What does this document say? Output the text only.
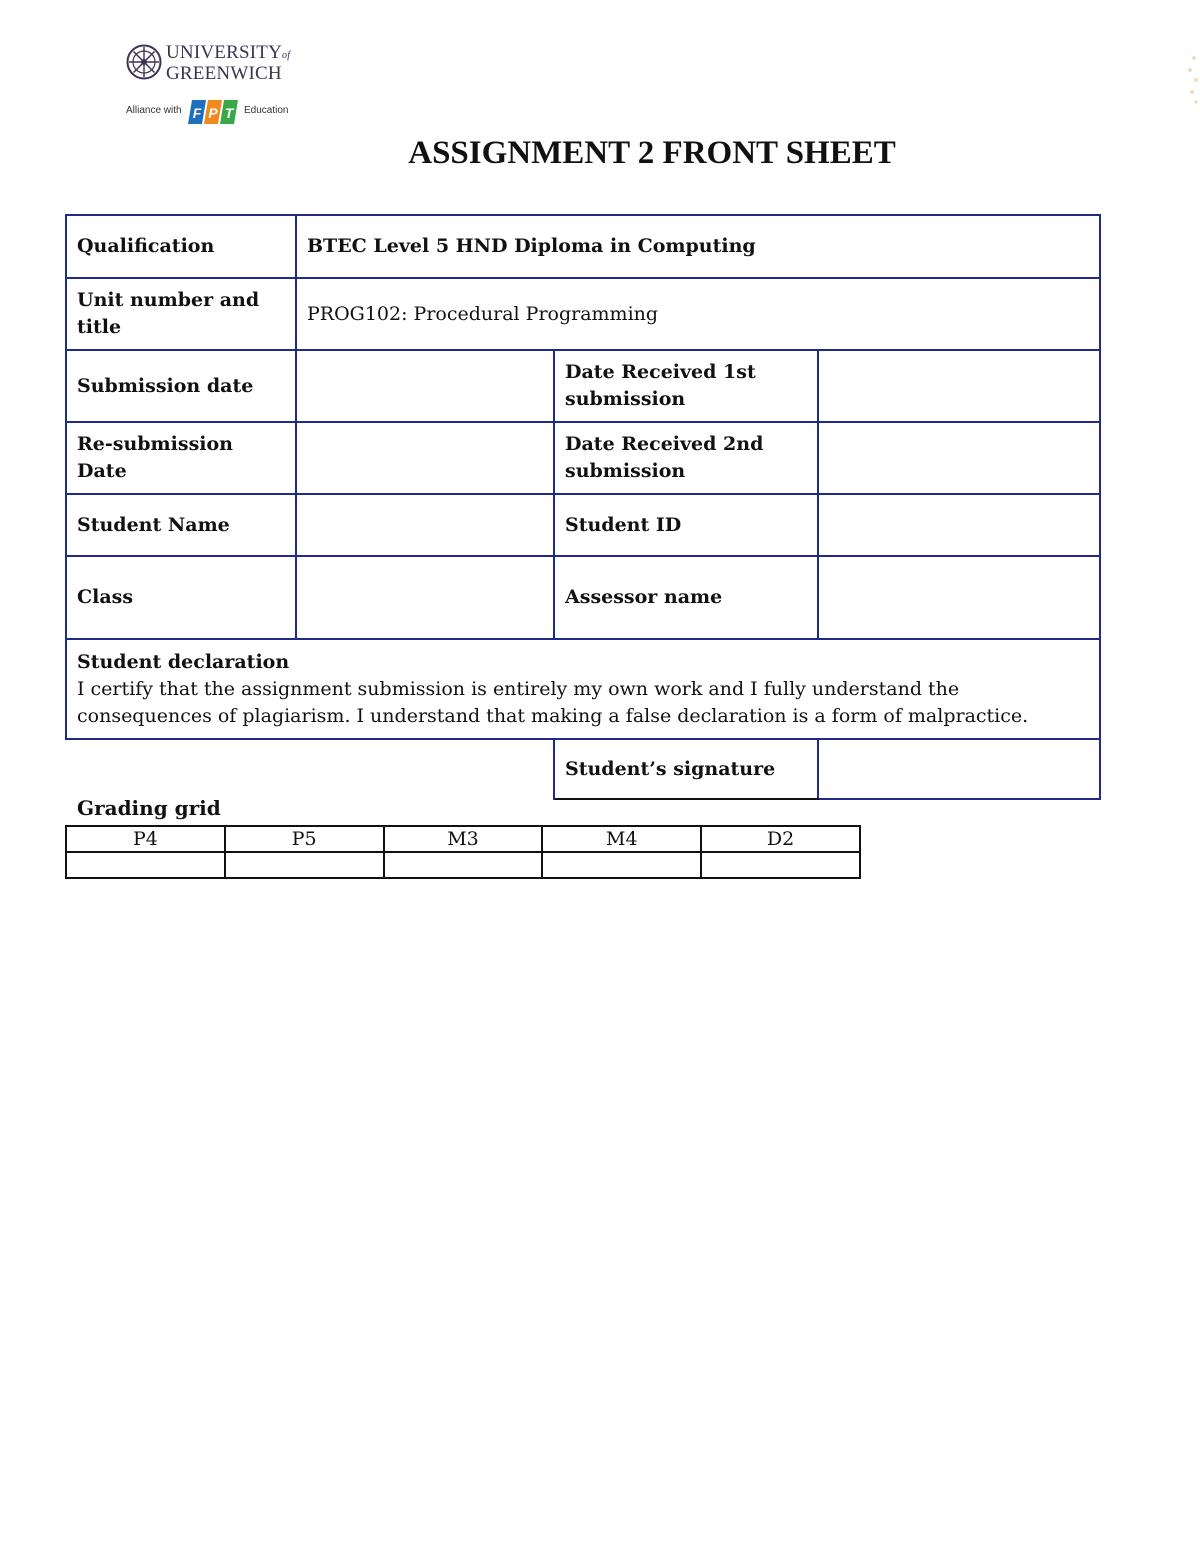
UNIVERSITYof
GREENWICH
Alliance with F P T Education
ASSIGNMENT 2 FRONT SHEET
Qualification	BTEC Level 5 HND Diploma in Computing		
Unit number and title	PROG102: Procedural Programming		
Submission date		Date Received 1st submission	
Re-submission Date		Date Received 2nd submission	
Student Name		Student ID	
Class		Assessor name	

Student declaration
I certify that the assignment submission is entirely my own work and I fully understand the consequences of plagiarism. I understand that making a false declaration is a form of malpractice.			

		Student’s signature	
Grading grid
P4	P5	M3	M4	D2
